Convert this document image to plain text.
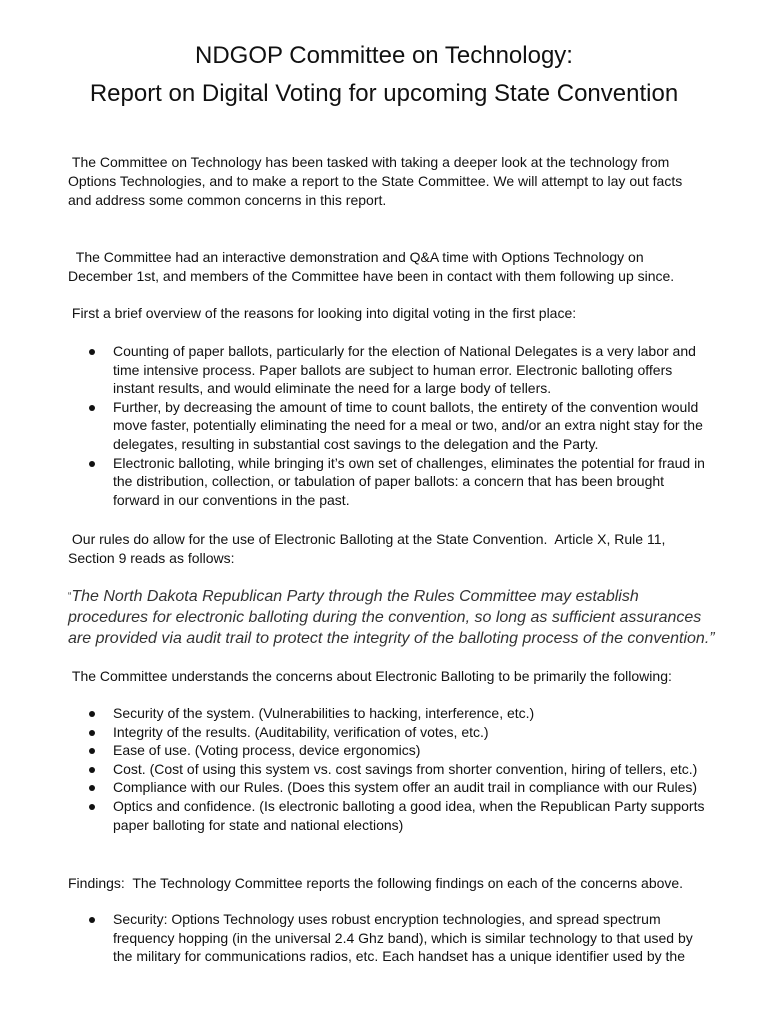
NDGOP Committee on Technology:
Report on Digital Voting for upcoming State Convention

The Committee on Technology has been tasked with taking a deeper look at the technology from Options Technologies, and to make a report to the State Committee. We will attempt to lay out facts and address some common concerns in this report.

The Committee had an interactive demonstration and Q&A time with Options Technology on December 1st, and members of the Committee have been in contact with them following up since.

First a brief overview of the reasons for looking into digital voting in the first place:

Counting of paper ballots, particularly for the election of National Delegates is a very labor and time intensive process. Paper ballots are subject to human error. Electronic balloting offers instant results, and would eliminate the need for a large body of tellers.
Further, by decreasing the amount of time to count ballots, the entirety of the convention would move faster, potentially eliminating the need for a meal or two, and/or an extra night stay for the delegates, resulting in substantial cost savings to the delegation and the Party.
Electronic balloting, while bringing it’s own set of challenges, eliminates the potential for fraud in the distribution, collection, or tabulation of paper ballots: a concern that has been brought forward in our conventions in the past.

Our rules do allow for the use of Electronic Balloting at the State Convention.  Article X, Rule 11, Section 9 reads as follows:

“The North Dakota Republican Party through the Rules Committee may establish procedures for electronic balloting during the convention, so long as sufficient assurances are provided via audit trail to protect the integrity of the balloting process of the convention.”

The Committee understands the concerns about Electronic Balloting to be primarily the following:

Security of the system. (Vulnerabilities to hacking, interference, etc.)
Integrity of the results. (Auditability, verification of votes, etc.)
Ease of use. (Voting process, device ergonomics)
Cost. (Cost of using this system vs. cost savings from shorter convention, hiring of tellers, etc.)
Compliance with our Rules. (Does this system offer an audit trail in compliance with our Rules)
Optics and confidence. (Is electronic balloting a good idea, when the Republican Party supports paper balloting for state and national elections)

Findings:  The Technology Committee reports the following findings on each of the concerns above.

Security: Options Technology uses robust encryption technologies, and spread spectrum frequency hopping (in the universal 2.4 Ghz band), which is similar technology to that used by the military for communications radios, etc. Each handset has a unique identifier used by the
